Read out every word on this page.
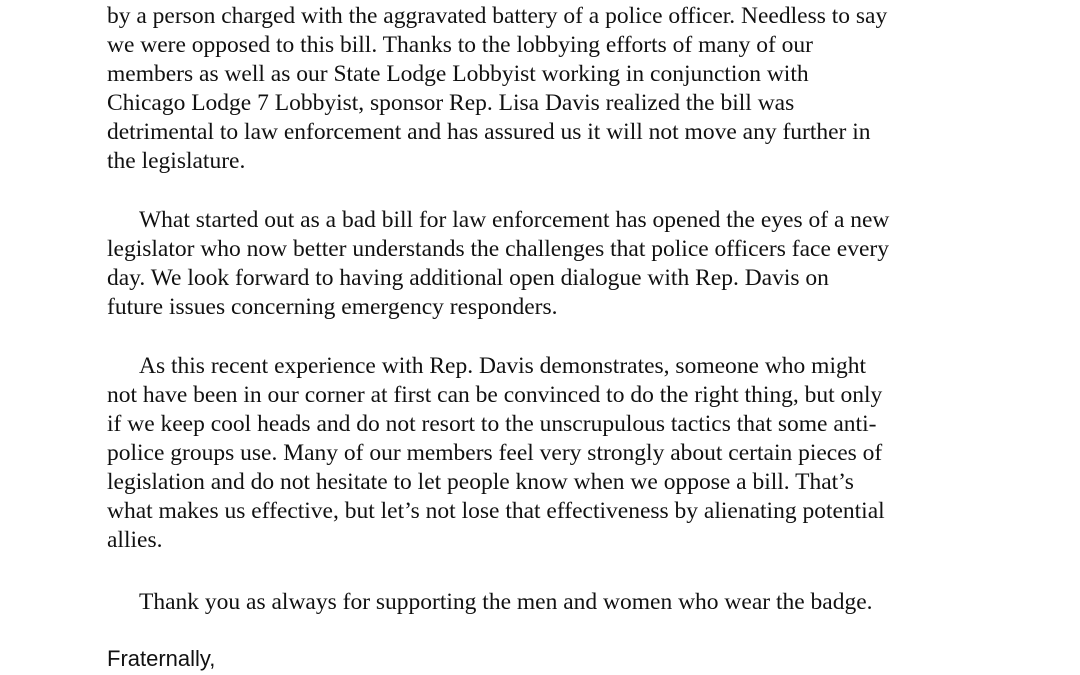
by a person charged with the aggravated battery of a police officer. Needless to say
we were opposed to this bill. Thanks to the lobbying efforts of many of our
members as well as our State Lodge Lobbyist working in conjunction with
Chicago Lodge 7 Lobbyist, sponsor Rep. Lisa Davis realized the bill was
detrimental to law enforcement and has assured us it will not move any further in
the legislature.

What started out as a bad bill for law enforcement has opened the eyes of a new
legislator who now better understands the challenges that police officers face every
day. We look forward to having additional open dialogue with Rep. Davis on
future issues concerning emergency responders.

As this recent experience with Rep. Davis demonstrates, someone who might
not have been in our corner at first can be convinced to do the right thing, but only
if we keep cool heads and do not resort to the unscrupulous tactics that some anti-
police groups use. Many of our members feel very strongly about certain pieces of
legislation and do not hesitate to let people know when we oppose a bill. That’s
what makes us effective, but let’s not lose that effectiveness by alienating potential
allies.

Thank you as always for supporting the men and women who wear the badge.

Fraternally,
